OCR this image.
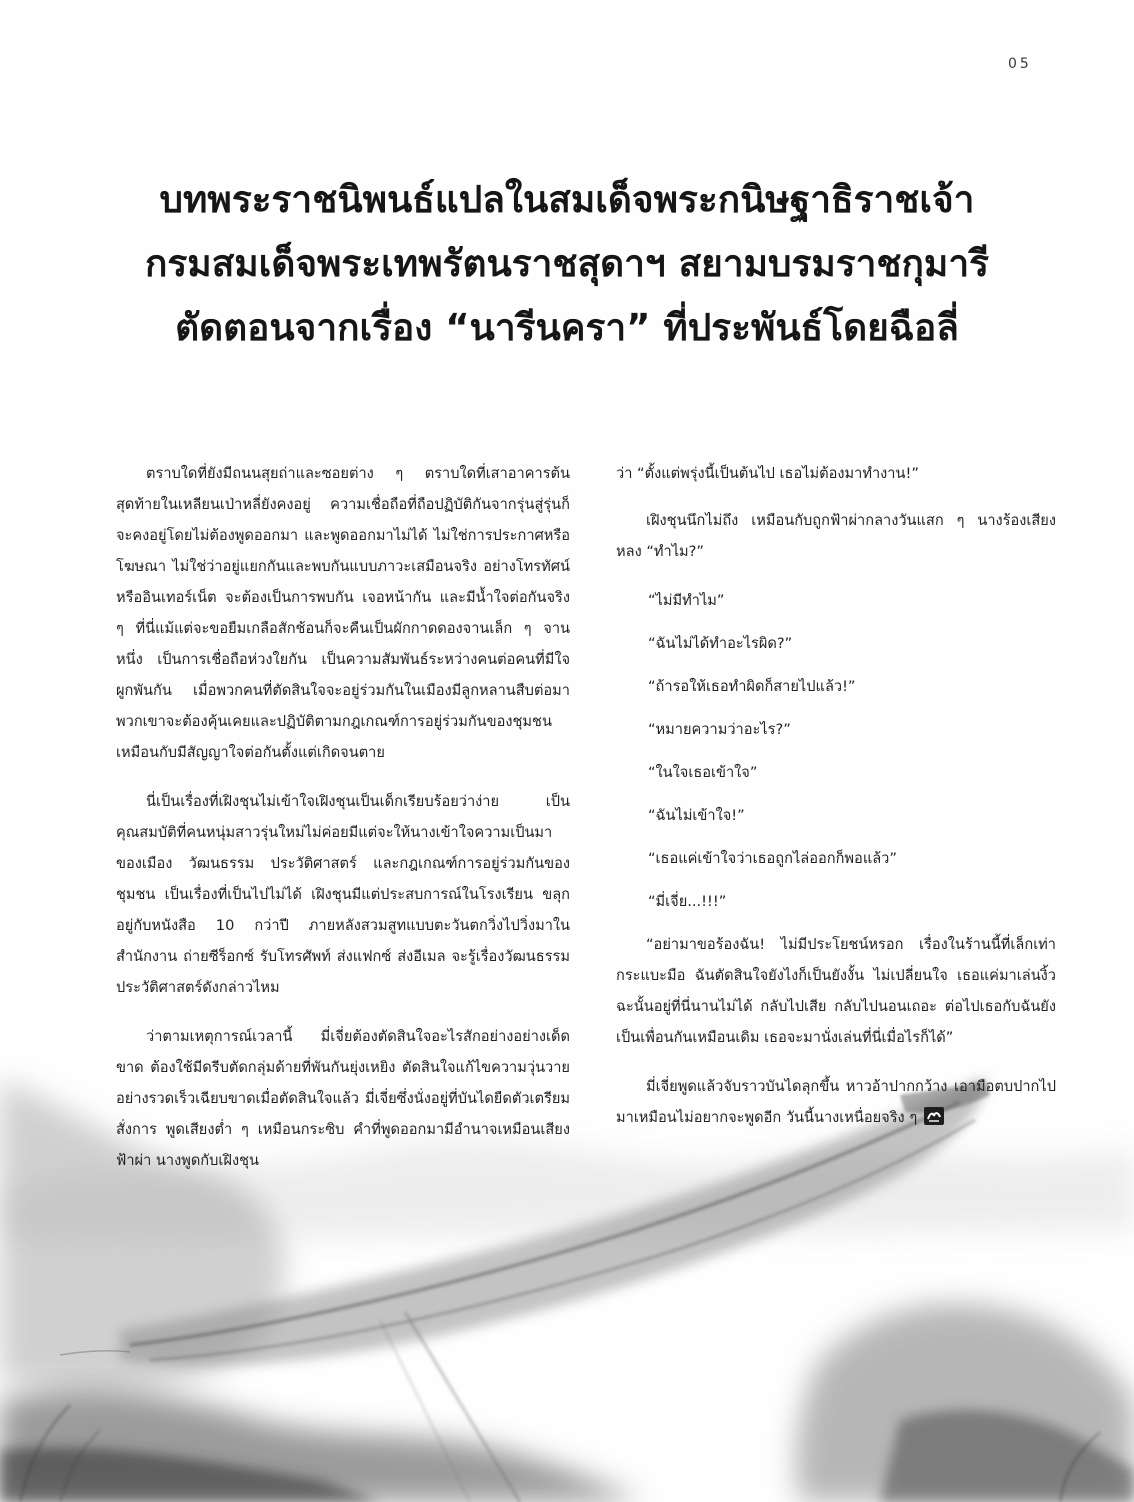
05
บทพระราชนิพนธ์แปลในสมเด็จพระกนิษฐาธิราชเจ้า
กรมสมเด็จพระเทพรัตนราชสุดาฯ สยามบรมราชกุมารี
ตัดตอนจากเรื่อง “นารีนครา” ที่ประพันธ์โดยฉือลี่

ตราบใดที่ยังมีถนนสุยถ่าและซอยต่าง ๆ ตราบใดที่เสาอาคารต้นสุดท้ายในเหลียนเป่าหลี่ยังคงอยู่ ความเชื่อถือที่ถือปฏิบัติกันจากรุ่นสู่รุ่นก็จะคงอยู่โดยไม่ต้องพูดออกมา และพูดออกมาไม่ได้ ไม่ใช่การประกาศหรือโฆษณา ไม่ใช่ว่าอยู่แยกกันและพบกันแบบภาวะเสมือนจริง อย่างโทรทัศน์หรืออินเทอร์เน็ต จะต้องเป็นการพบกัน เจอหน้ากัน และมีน้ำใจต่อกันจริง ๆ ที่นี่แม้แต่จะขอยืมเกลือสักช้อนก็จะคืนเป็นผักกาดดองจานเล็ก ๆ จานหนึ่ง เป็นการเชื่อถือห่วงใยกัน เป็นความสัมพันธ์ระหว่างคนต่อคนที่มีใจผูกพันกัน เมื่อพวกคนที่ตัดสินใจจะอยู่ร่วมกันในเมืองมีลูกหลานสืบต่อมา พวกเขาจะต้องคุ้นเคยและปฏิบัติตามกฎเกณฑ์การอยู่ร่วมกันของชุมชน เหมือนกับมีสัญญาใจต่อกันตั้งแต่เกิดจนตาย

นี่เป็นเรื่องที่เฝิงชุนไม่เข้าใจเฝิงชุนเป็นเด็กเรียบร้อยว่าง่าย เป็นคุณสมบัติที่คนหนุ่มสาวรุ่นใหม่ไม่ค่อยมีแต่จะให้นางเข้าใจความเป็นมาของเมือง วัฒนธรรม ประวัติศาสตร์ และกฎเกณฑ์การอยู่ร่วมกันของชุมชน เป็นเรื่องที่เป็นไปไม่ได้ เฝิงชุนมีแต่ประสบการณ์ในโรงเรียน ขลุกอยู่กับหนังสือ 10 กว่าปี ภายหลังสวมสูทแบบตะวันตกวิ่งไปวิ่งมาในสำนักงาน ถ่ายซีร็อกซ์ รับโทรศัพท์ ส่งแฟกซ์ ส่งอีเมล จะรู้เรื่องวัฒนธรรมประวัติศาสตร์ดังกล่าวไหม

ว่าตามเหตุการณ์เวลานี้ มี่เจี่ยต้องตัดสินใจอะไรสักอย่างอย่างเด็ดขาด ต้องใช้มีดรีบตัดกลุ่มด้ายที่พันกันยุ่งเหยิง ตัดสินใจแก้ไขความวุ่นวายอย่างรวดเร็วเฉียบขาดเมื่อตัดสินใจแล้ว มี่เจี่ยซึ่งนั่งอยู่ที่บันไดยืดตัวเตรียมสั่งการ พูดเสียงต่ำ ๆ เหมือนกระซิบ คำที่พูดออกมามีอำนาจเหมือนเสียงฟ้าผ่า นางพูดกับเฝิงชุน

ว่า “ตั้งแต่พรุ่งนี้เป็นต้นไป เธอไม่ต้องมาทำงาน!”

เฝิงชุนนึกไม่ถึง เหมือนกับถูกฟ้าผ่ากลางวันแสก ๆ นางร้องเสียงหลง “ทำไม?”

“ไม่มีทำไม”

“ฉันไม่ได้ทำอะไรผิด?”

“ถ้ารอให้เธอทำผิดก็สายไปแล้ว!”

“หมายความว่าอะไร?”

“ในใจเธอเข้าใจ”

“ฉันไม่เข้าใจ!”

“เธอแค่เข้าใจว่าเธอถูกไล่ออกก็พอแล้ว”

“มี่เจี่ย...!!!”

“อย่ามาขอร้องฉัน! ไม่มีประโยชน์หรอก เรื่องในร้านนี้ที่เล็กเท่ากระแบะมือ ฉันตัดสินใจยังไงก็เป็นยังงั้น ไม่เปลี่ยนใจ เธอแค่มาเล่นงิ้ว ฉะนั้นอยู่ที่นี่นานไม่ได้ กลับไปเสีย กลับไปนอนเถอะ ต่อไปเธอกับฉันยังเป็นเพื่อนกันเหมือนเดิม เธอจะมานั่งเล่นที่นี่เมื่อไรก็ได้”

มี่เจี่ยพูดแล้วจับราวบันไดลุกขึ้น หาวอ้าปากกว้าง เอามือตบปากไปมาเหมือนไม่อยากจะพูดอีก วันนี้นางเหนื่อยจริง ๆ
